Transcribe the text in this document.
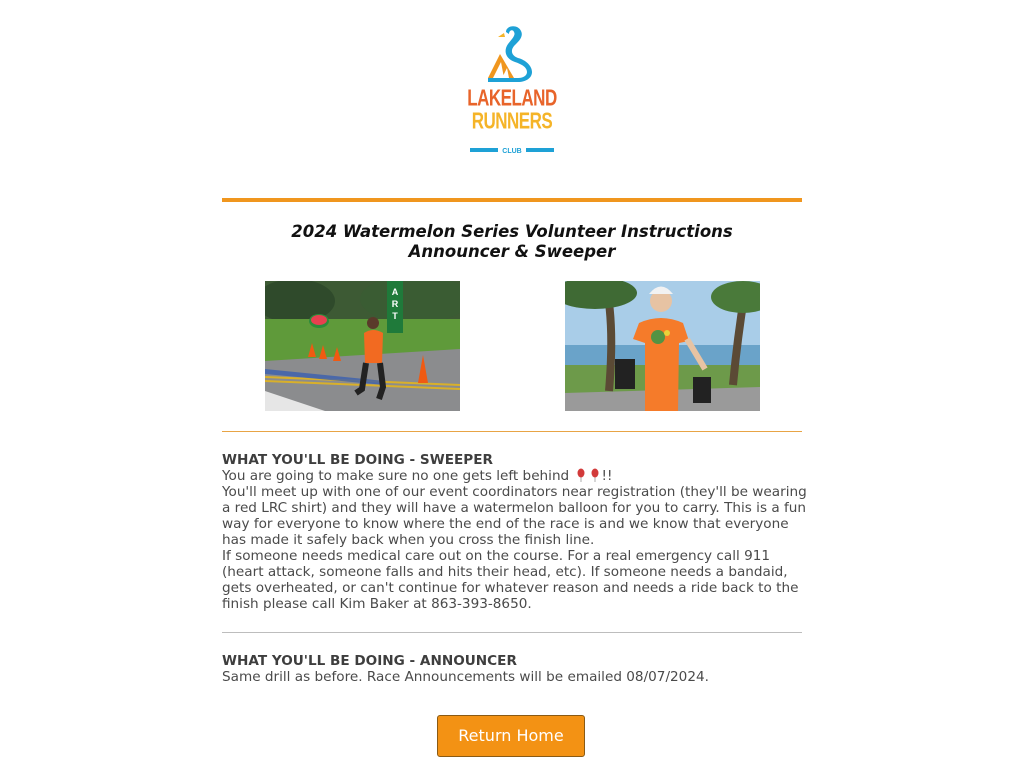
LAKELAND
RUNNERS
CLUB
2024 Watermelon Series Volunteer Instructions
Announcer & Sweeper
A
R
T
WHAT YOU'LL BE DOING - SWEEPER

You are going to make sure no one gets left behind !!

You'll meet up with one of our event coordinators near registration (they'll be wearing a red LRC shirt) and they will have a watermelon balloon for you to carry. This is a fun way for everyone to know where the end of the race is and we know that everyone has made it safely back when you cross the finish line.

If someone needs medical care out on the course. For a real emergency call 911 (heart attack, someone falls and hits their head, etc). If someone needs a bandaid, gets overheated, or can't continue for whatever reason and needs a ride back to the finish please call Kim Baker at 863-393-8650.

WHAT YOU'LL BE DOING - ANNOUNCER

Same drill as before. Race Announcements will be emailed 08/07/2024.

Return Home
